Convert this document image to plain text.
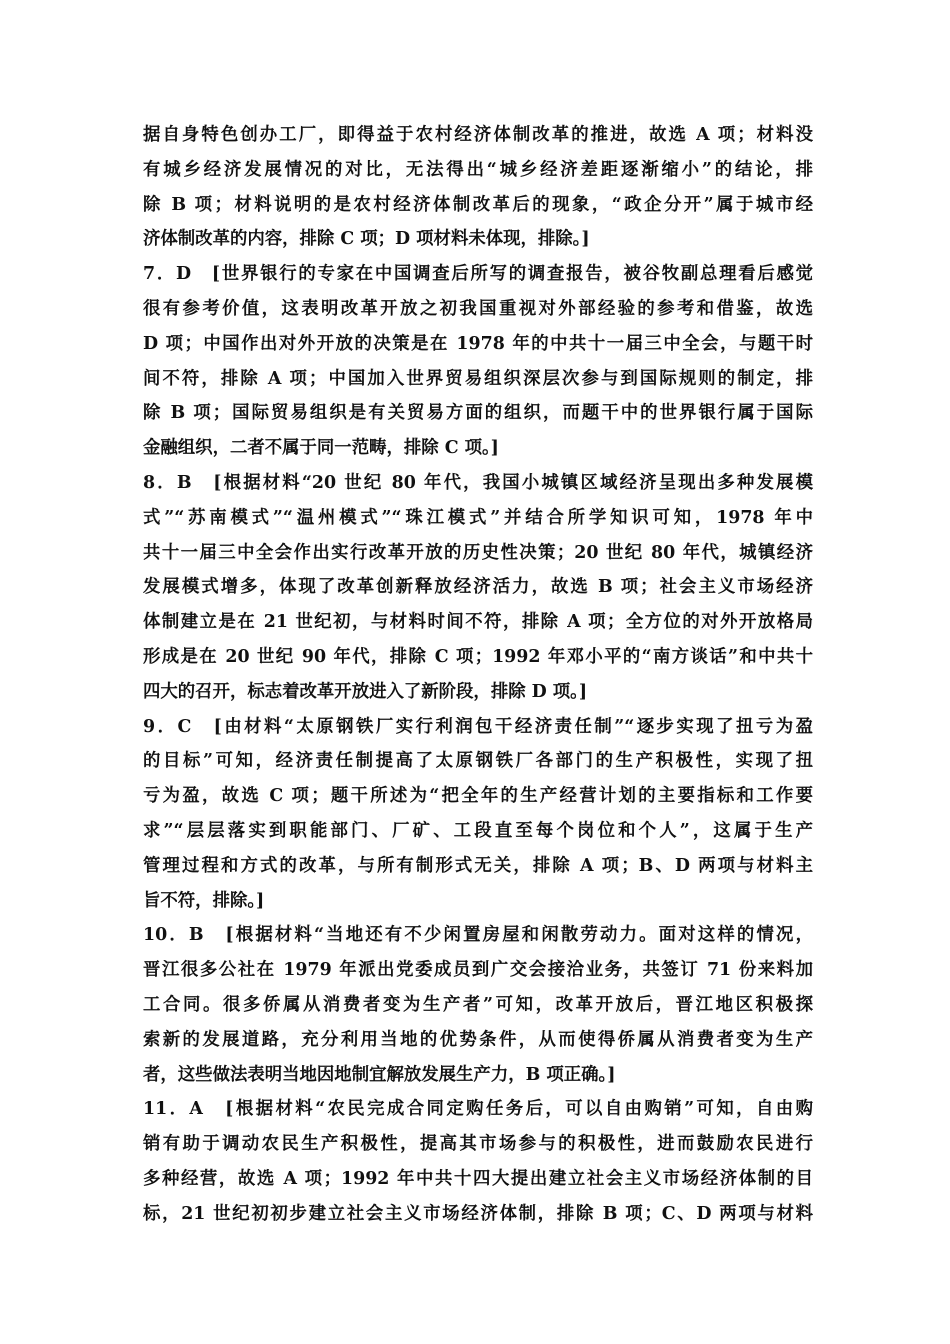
据自身特色创办工厂，即得益于农村经济体制改革的推进，故选 A 项；材料没
有城乡经济发展情况的对比，无法得出“城乡经济差距逐渐缩小”的结论，排
除 B 项；材料说明的是农村经济体制改革后的现象，“政企分开”属于城市经
济体制改革的内容，排除 C 项；D 项材料未体现，排除。]
7．D　[世界银行的专家在中国调查后所写的调查报告，被谷牧副总理看后感觉
很有参考价值，这表明改革开放之初我国重视对外部经验的参考和借鉴，故选
D 项；中国作出对外开放的决策是在 1978 年的中共十一届三中全会，与题干时
间不符，排除 A 项；中国加入世界贸易组织深层次参与到国际规则的制定，排
除 B 项；国际贸易组织是有关贸易方面的组织，而题干中的世界银行属于国际
金融组织，二者不属于同一范畴，排除 C 项。]
8．B　[根据材料“20 世纪 80 年代，我国小城镇区域经济呈现出多种发展模
式”“苏南模式”“温州模式”“珠江模式”并结合所学知识可知，1978 年中
共十一届三中全会作出实行改革开放的历史性决策；20 世纪 80 年代，城镇经济
发展模式增多，体现了改革创新释放经济活力，故选 B 项；社会主义市场经济
体制建立是在 21 世纪初，与材料时间不符，排除 A 项；全方位的对外开放格局
形成是在 20 世纪 90 年代，排除 C 项；1992 年邓小平的“南方谈话”和中共十
四大的召开，标志着改革开放进入了新阶段，排除 D 项。]
9．C　[由材料“太原钢铁厂实行利润包干经济责任制”“逐步实现了扭亏为盈
的目标”可知，经济责任制提高了太原钢铁厂各部门的生产积极性，实现了扭
亏为盈，故选 C 项；题干所述为“把全年的生产经营计划的主要指标和工作要
求”“层层落实到职能部门、厂矿、工段直至每个岗位和个人”，这属于生产
管理过程和方式的改革，与所有制形式无关，排除 A 项；B、D 两项与材料主
旨不符，排除。]
10．B　[根据材料“当地还有不少闲置房屋和闲散劳动力。面对这样的情况，
晋江很多公社在 1979 年派出党委成员到广交会接洽业务，共签订 71 份来料加
工合同。很多侨属从消费者变为生产者”可知，改革开放后，晋江地区积极探
索新的发展道路，充分利用当地的优势条件，从而使得侨属从消费者变为生产
者，这些做法表明当地因地制宜解放发展生产力，B 项正确。]
11．A　[根据材料“农民完成合同定购任务后，可以自由购销”可知，自由购
销有助于调动农民生产积极性，提高其市场参与的积极性，进而鼓励农民进行
多种经营，故选 A 项；1992 年中共十四大提出建立社会主义市场经济体制的目
标，21 世纪初初步建立社会主义市场经济体制，排除 B 项；C、D 两项与材料
